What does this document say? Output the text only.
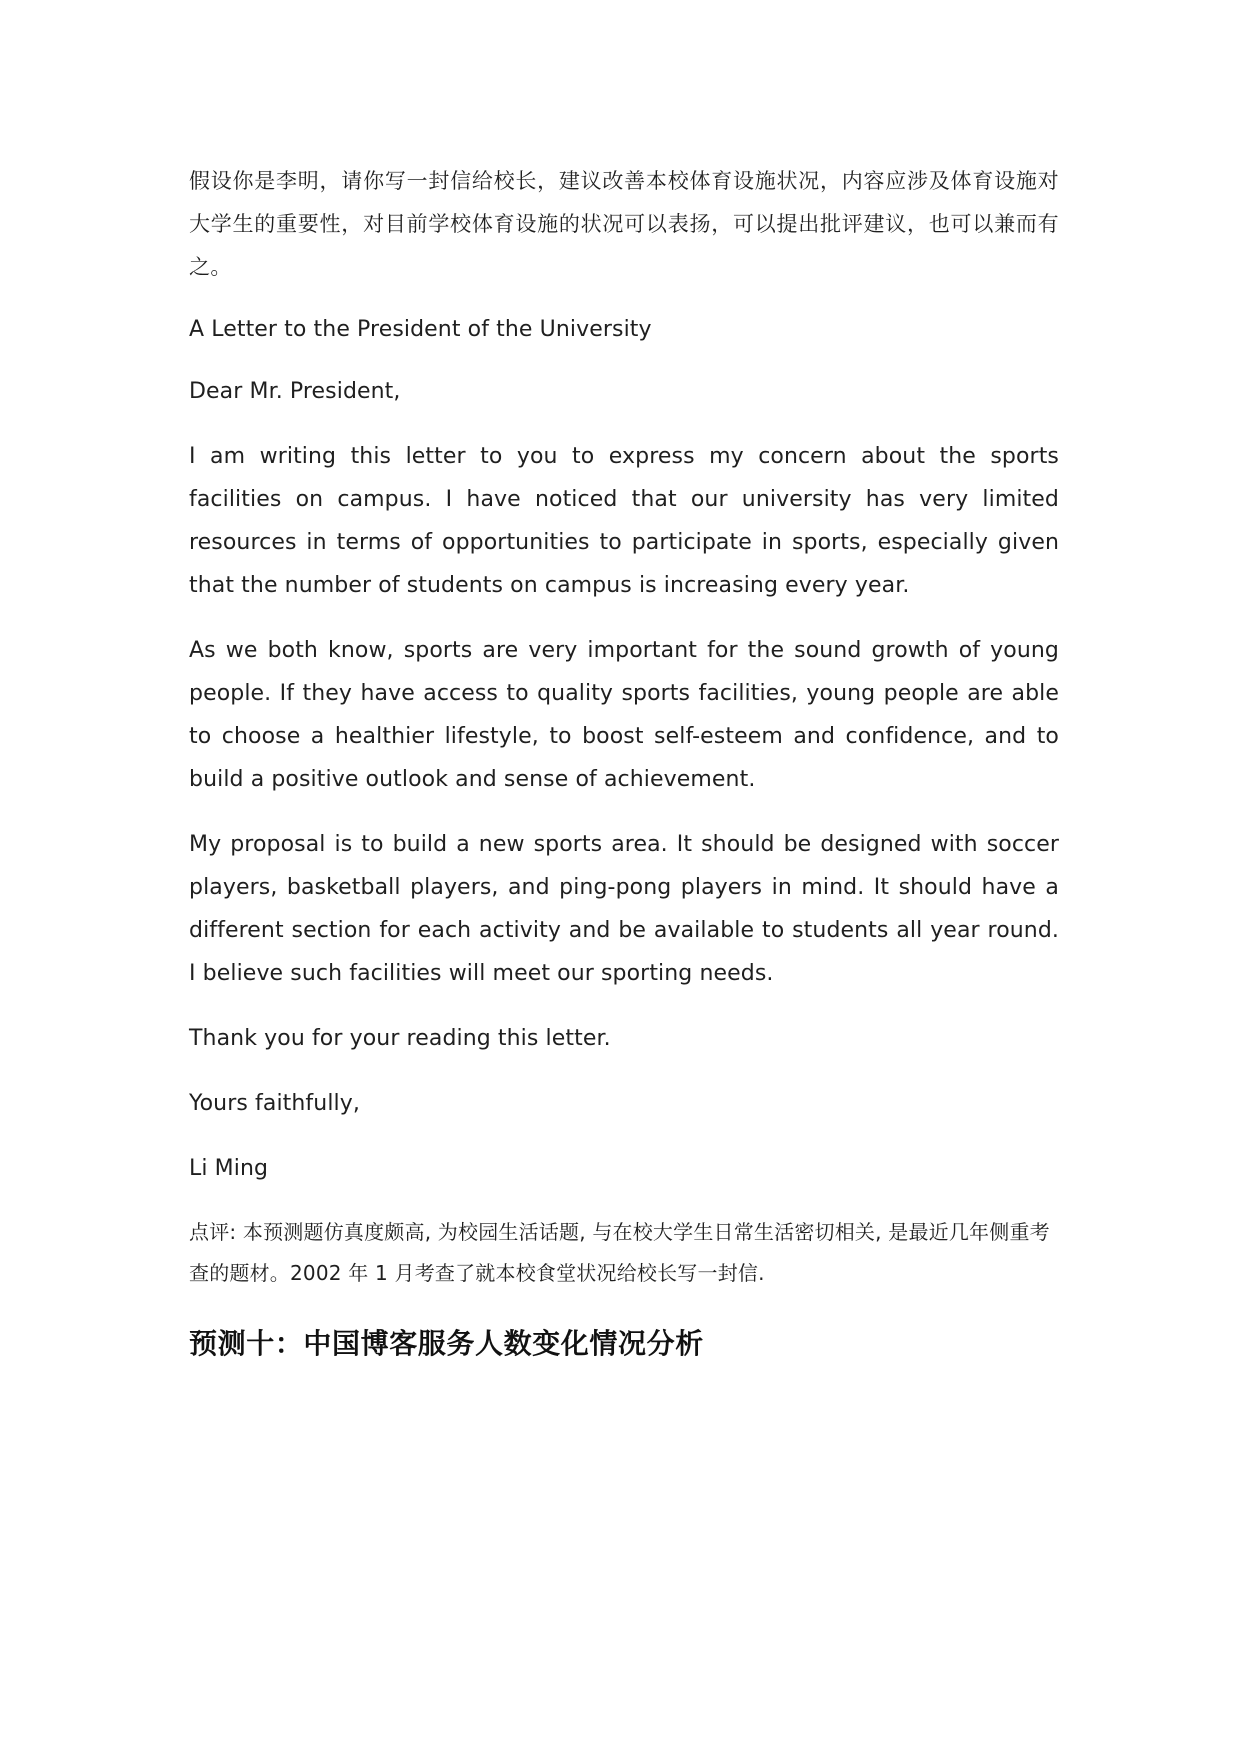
假设你是李明，请你写一封信给校长，建议改善本校体育设施状况，内容应涉及体育设施对大学生的重要性，对目前学校体育设施的状况可以表扬，可以提出批评建议，也可以兼而有之。

A Letter to the President of the University

Dear Mr. President,

I am writing this letter to you to express my concern about the sports facilities on campus. I have noticed that our university has very limited resources in terms of opportunities to participate in sports, especially given that the number of students on campus is increasing every year.

As we both know, sports are very important for the sound growth of young people. If they have access to quality sports facilities, young people are able to choose a healthier lifestyle, to boost self-esteem and confidence, and to build a positive outlook and sense of achievement.

My proposal is to build a new sports area. It should be designed with soccer players, basketball players, and ping-pong players in mind. It should have a different section for each activity and be available to students all year round. I believe such facilities will meet our sporting needs.

Thank you for your reading this letter.

Yours faithfully,

Li Ming

点评: 本预测题仿真度颇高, 为校园生活话题, 与在校大学生日常生活密切相关, 是最近几年侧重考查的题材。2002 年 1 月考查了就本校食堂状况给校长写一封信.

预测十：中国博客服务人数变化情况分析
